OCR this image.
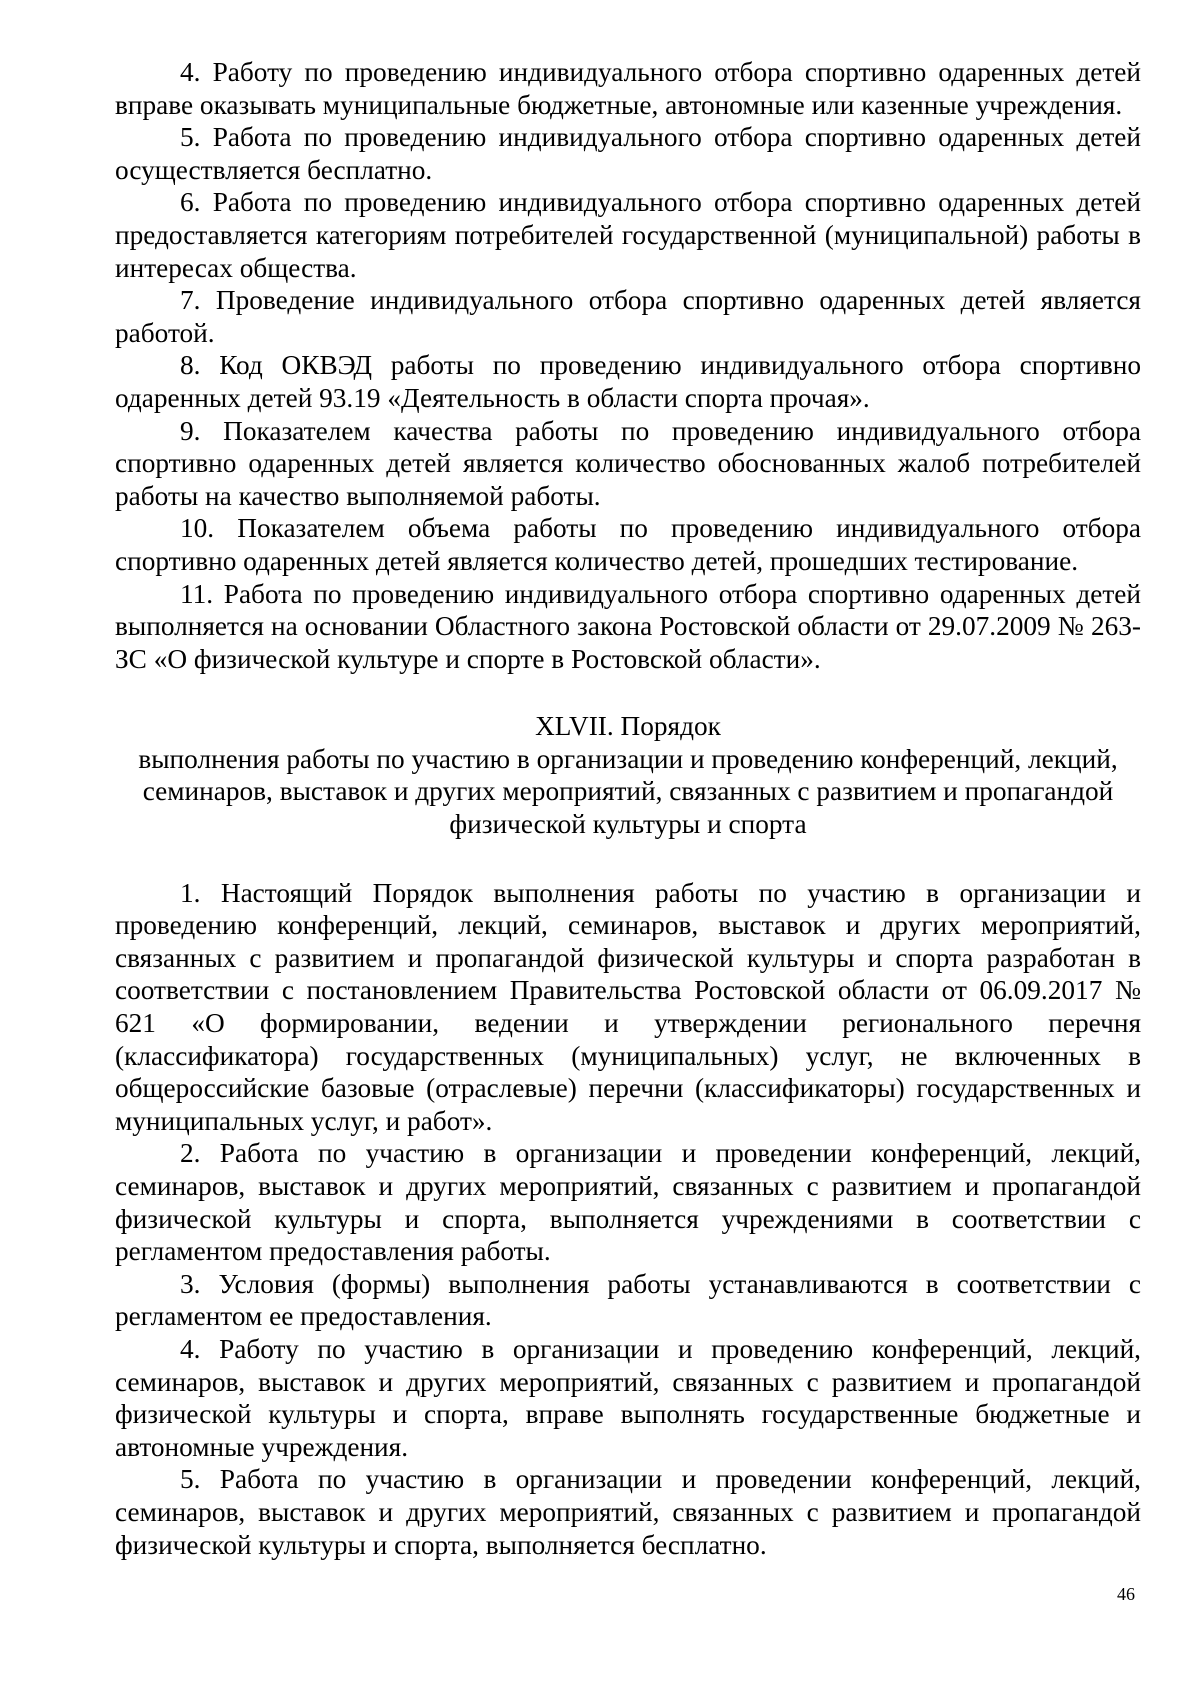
4. Работу по проведению индивидуального отбора спортивно одаренных детей вправе оказывать муниципальные бюджетные, автономные или казенные учреждения.

5. Работа по проведению индивидуального отбора спортивно одаренных детей осуществляется бесплатно.

6. Работа по проведению индивидуального отбора спортивно одаренных детей предоставляется категориям потребителей государственной (муниципальной) работы в интересах общества.

7. Проведение индивидуального отбора спортивно одаренных детей является работой.

8. Код ОКВЭД работы по проведению индивидуального отбора спортивно одаренных детей 93.19 «Деятельность в области спорта прочая».

9. Показателем качества работы по проведению индивидуального отбора спортивно одаренных детей является количество обоснованных жалоб потребителей работы на качество выполняемой работы.

10. Показателем объема работы по проведению индивидуального отбора спортивно одаренных детей является количество детей, прошедших тестирование.

11. Работа по проведению индивидуального отбора спортивно одаренных детей выполняется на основании Областного закона Ростовской области от 29.07.2009 № 263-ЗС «О физической культуре и спорте в Ростовской области».

XLVII. Порядок

выполнения работы по участию в организации и проведению конференций, лекций,

семинаров, выставок и других мероприятий, связанных с развитием и пропагандой

физической культуры и спорта

1. Настоящий Порядок выполнения работы по участию в организации и проведению конференций, лекций, семинаров, выставок и других мероприятий, связанных с развитием и пропагандой физической культуры и спорта разработан в соответствии с постановлением Правительства Ростовской области от 06.09.2017 № 621 «О формировании, ведении и утверждении регионального перечня (классификатора) государственных (муниципальных) услуг, не включенных в общероссийские базовые (отраслевые) перечни (классификаторы) государственных и муниципальных услуг, и работ».

2. Работа по участию в организации и проведении конференций, лекций, семинаров, выставок и других мероприятий, связанных с развитием и пропагандой физической культуры и спорта, выполняется учреждениями в соответствии с регламентом предоставления работы.

3. Условия (формы) выполнения работы устанавливаются в соответствии с регламентом ее предоставления.

4. Работу по участию в организации и проведению конференций, лекций, семинаров, выставок и других мероприятий, связанных с развитием и пропагандой физической культуры и спорта, вправе выполнять государственные бюджетные и автономные учреждения.

5. Работа по участию в организации и проведении конференций, лекций, семинаров, выставок и других мероприятий, связанных с развитием и пропагандой физической культуры и спорта, выполняется бесплатно.

46
